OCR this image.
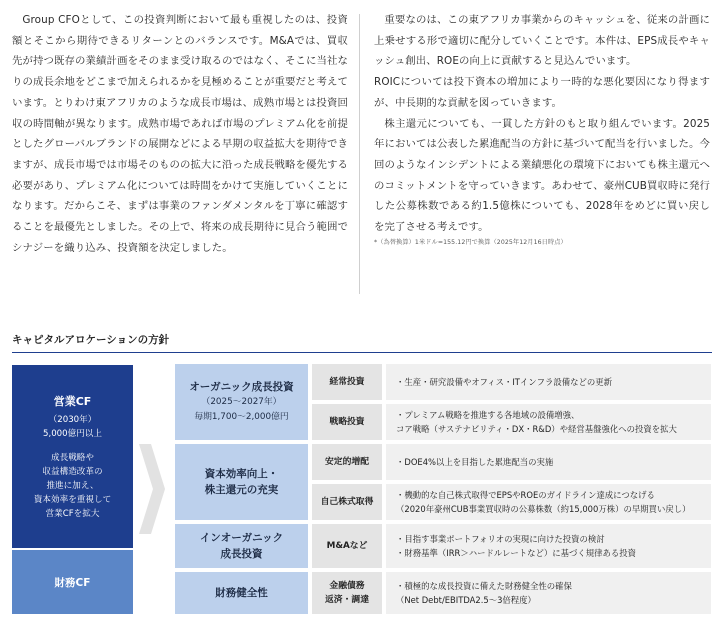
Group CFOとして、この投資判断において最も重視したのは、投資額とそこから期待できるリターンとのバランスです。M&Aでは、買収先が持つ既存の業績計画をそのまま受け取るのではなく、そこに当社なりの成長余地をどこまで加えられるかを見極めることが重要だと考えています。とりわけ東アフリカのような成長市場は、成熟市場とは投資回収の時間軸が異なります。成熟市場であれば市場のプレミアム化を前提としたグローバルブランドの展開などによる早期の収益拡大を期待できますが、成長市場では市場そのものの拡大に沿った成長戦略を優先する必要があり、プレミアム化については時間をかけて実施していくことになります。だからこそ、まずは事業のファンダメンタルを丁寧に確認することを最優先としました。その上で、将来の成長期待に見合う範囲でシナジーを織り込み、投資額を決定しました。

重要なのは、この東アフリカ事業からのキャッシュを、従来の計画に上乗せする形で適切に配分していくことです。本件は、EPS成長やキャッシュ創出、ROEの向上に貢献すると見込んでいます。

ROICについては投下資本の増加により一時的な悪化要因になり得ますが、中長期的な貢献を図っていきます。

株主還元についても、一貫した方針のもと取り組んでいます。2025年においては公表した累進配当の方針に基づいて配当を行いました。今回のようなインシデントによる業績悪化の環境下においても株主還元へのコミットメントを守っていきます。あわせて、豪州CUB買収時に発行した公募株数である約1.5億株についても、2028年をめどに買い戻しを完了させる考えです。

*（為替換算）1米ドル=155.12円で換算（2025年12月16日時点）

キャピタルアロケーションの方針
営業CF
（2030年）
5,000億円以上
成長戦略や
収益構造改革の
推進に加え、
資本効率を重視して
営業CFを拡大
財務CF
オーガニック成長投資
（2025〜2027年）
毎期1,700〜2,000億円
資本効率向上・
株主還元の充実
インオーガニック
成長投資
財務健全性
経常投資
戦略投資
安定的増配
自己株式取得
M&Aなど
金融債務
返済・調達
・生産・研究設備やオフィス・ITインフラ設備などの更新
・プレミアム戦略を推進する各地域の設備増強、
コア戦略（サステナビリティ・DX・R&D）や経営基盤強化への投資を拡大
・DOE4%以上を目指した累進配当の実施
・機動的な自己株式取得でEPSやROEのガイドライン達成につなげる
（2020年豪州CUB事業買収時の公募株数（約15,000万株）の早期買い戻し）
・目指す事業ポートフォリオの実現に向けた投資の検討
・財務基準（IRR＞ハードルレートなど）に基づく規律ある投資
・積極的な成長投資に備えた財務健全性の確保
（Net Debt/EBITDA2.5〜3倍程度）
